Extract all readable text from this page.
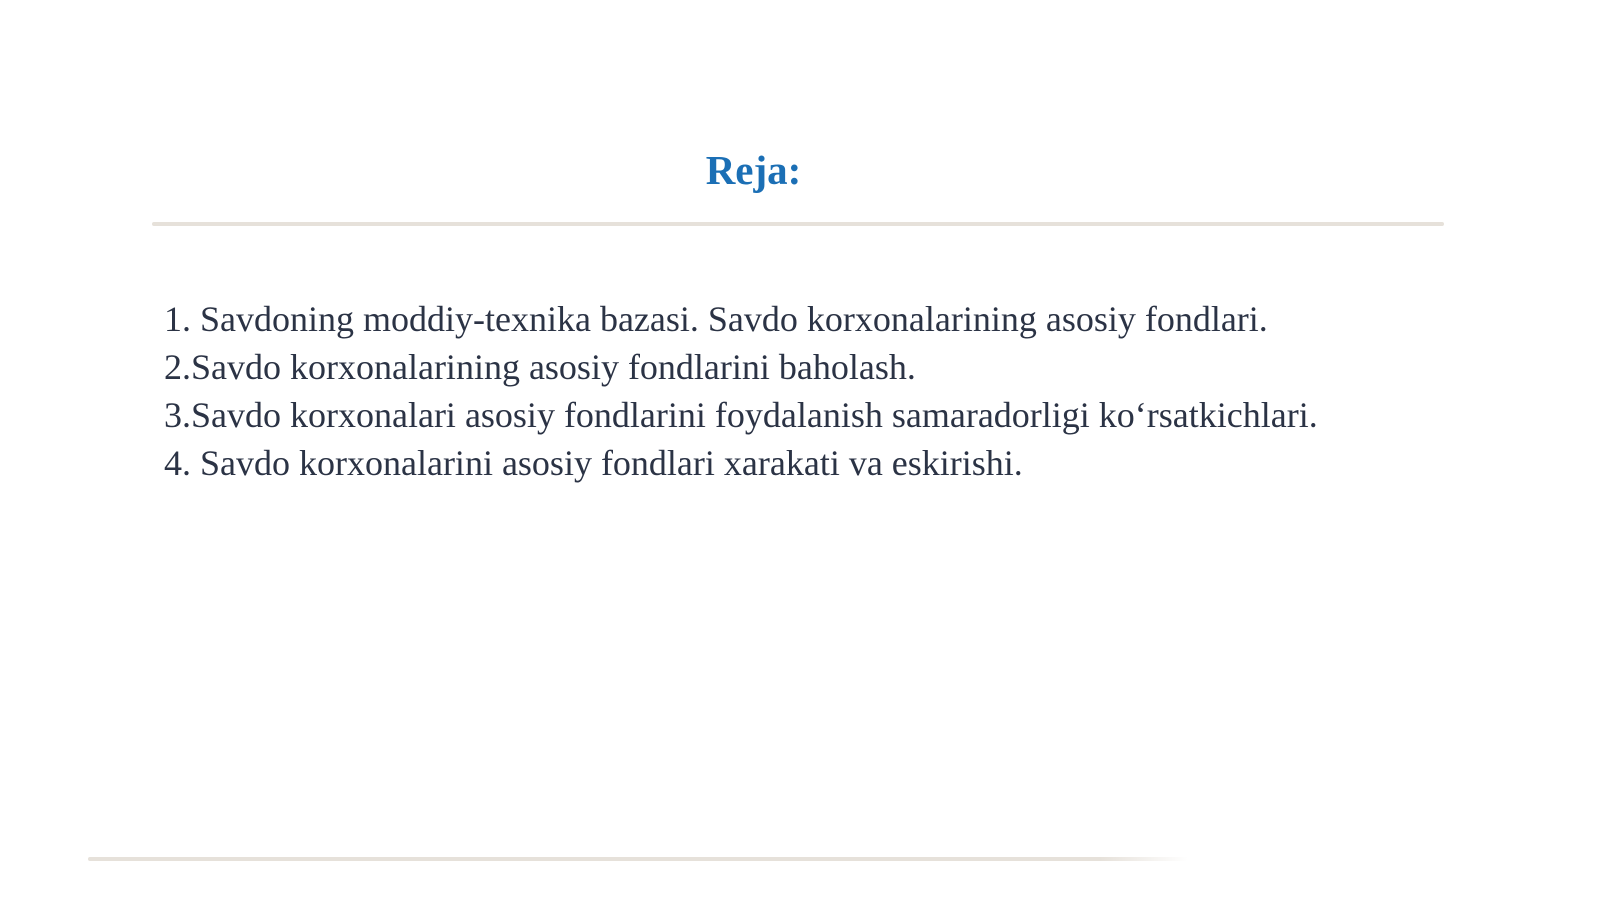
Reja:
1. Savdoning moddiy-texnika bazasi. Savdo korxonalarining asosiy fondlari.
2.Savdo korxonalarining asosiy fondlarini baholash.
3.Savdo korxonalari asosiy fondlarini foydalanish samaradorligi ko‘rsatkichlari.
4. Savdo korxonalarini asosiy fondlari xarakati va eskirishi.
